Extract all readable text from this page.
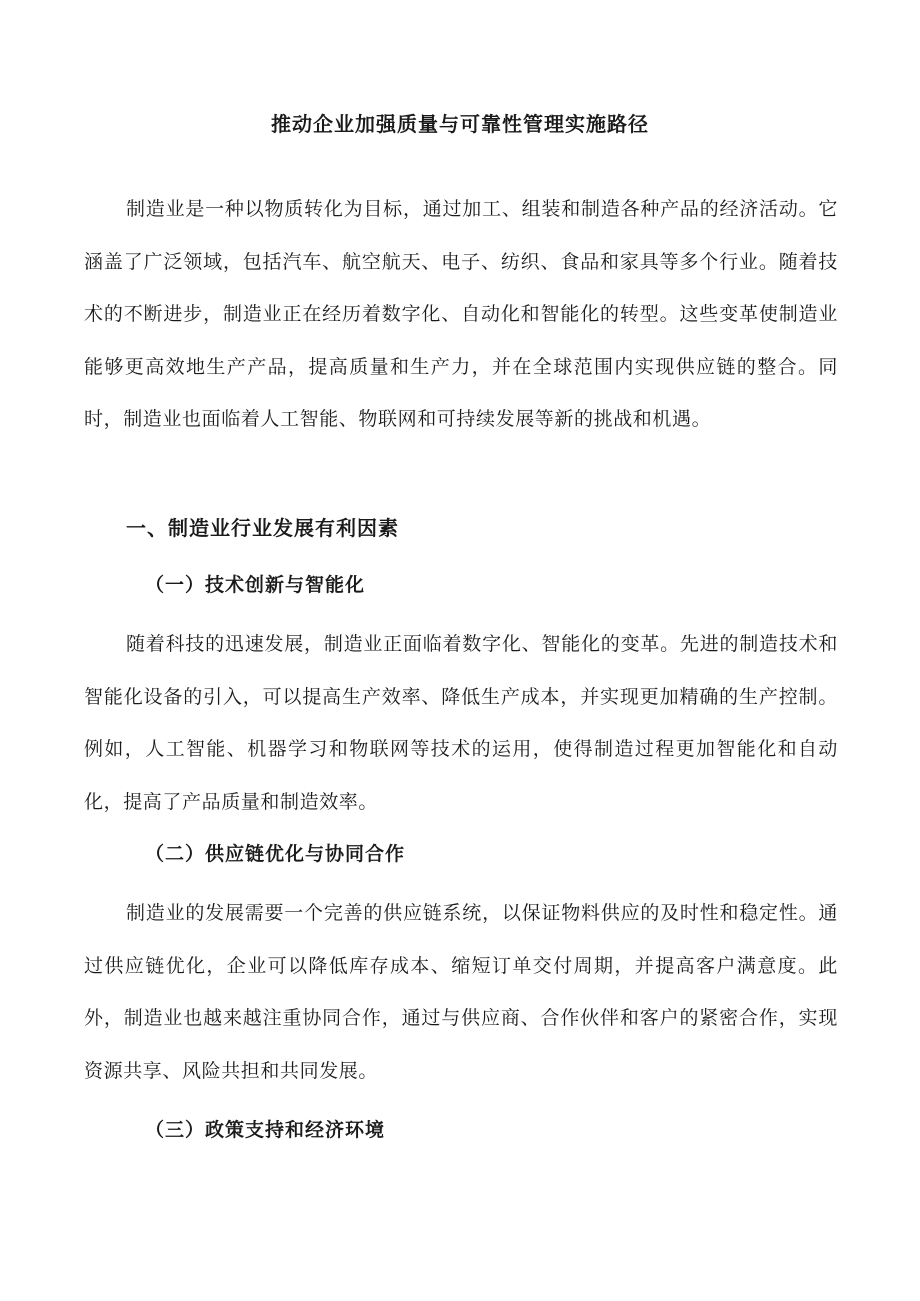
推动企业加强质量与可靠性管理实施路径

制造业是一种以物质转化为目标，通过加工、组装和制造各种产品的经济活动。它涵盖了广泛领域，包括汽车、航空航天、电子、纺织、食品和家具等多个行业。随着技术的不断进步，制造业正在经历着数字化、自动化和智能化的转型。这些变革使制造业能够更高效地生产产品，提高质量和生产力，并在全球范围内实现供应链的整合。同时，制造业也面临着人工智能、物联网和可持续发展等新的挑战和机遇。

一、制造业行业发展有利因素
（一）技术创新与智能化

随着科技的迅速发展，制造业正面临着数字化、智能化的变革。先进的制造技术和智能化设备的引入，可以提高生产效率、降低生产成本，并实现更加精确的生产控制。例如，人工智能、机器学习和物联网等技术的运用，使得制造过程更加智能化和自动化，提高了产品质量和制造效率。

（二）供应链优化与协同合作

制造业的发展需要一个完善的供应链系统，以保证物料供应的及时性和稳定性。通过供应链优化，企业可以降低库存成本、缩短订单交付周期，并提高客户满意度。此外，制造业也越来越注重协同合作，通过与供应商、合作伙伴和客户的紧密合作，实现资源共享、风险共担和共同发展。

（三）政策支持和经济环境
